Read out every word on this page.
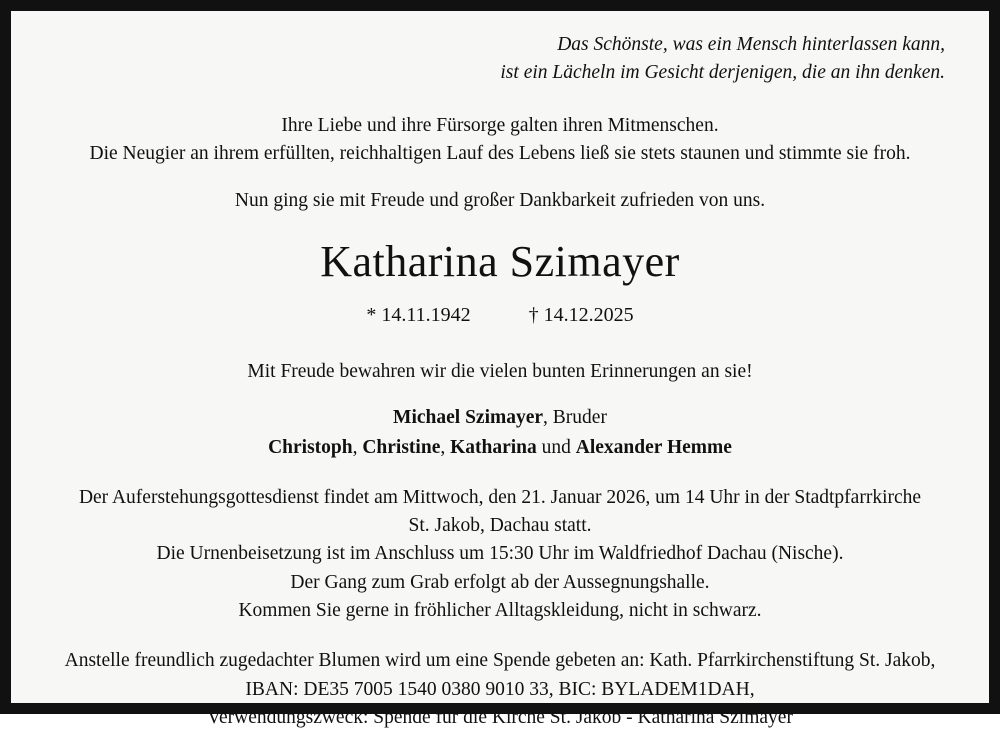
Das Schönste, was ein Mensch hinterlassen kann,
ist ein Lächeln im Gesicht derjenigen, die an ihn denken.
Ihre Liebe und ihre Fürsorge galten ihren Mitmenschen.
Die Neugier an ihrem erfüllten, reichhaltigen Lauf des Lebens ließ sie stets staunen und stimmte sie froh.
Nun ging sie mit Freude und großer Dankbarkeit zufrieden von uns.
Katharina Szimayer
* 14.11.1942	† 14.12.2025
Mit Freude bewahren wir die vielen bunten Erinnerungen an sie!
Michael Szimayer, Bruder
Christoph, Christine, Katharina und Alexander Hemme
Der Auferstehungsgottesdienst findet am Mittwoch, den 21. Januar 2026, um 14 Uhr in der Stadtpfarrkirche
St. Jakob, Dachau statt.
Die Urnenbeisetzung ist im Anschluss um 15:30 Uhr im Waldfriedhof Dachau (Nische).
Der Gang zum Grab erfolgt ab der Aussegnungshalle.
Kommen Sie gerne in fröhlicher Alltagskleidung, nicht in schwarz.
Anstelle freundlich zugedachter Blumen wird um eine Spende gebeten an: Kath. Pfarrkirchenstiftung St. Jakob,
IBAN: DE35 7005 1540 0380 9010 33, BIC: BYLADEM1DAH,
Verwendungszweck: Spende für die Kirche St. Jakob - Katharina Szimayer
